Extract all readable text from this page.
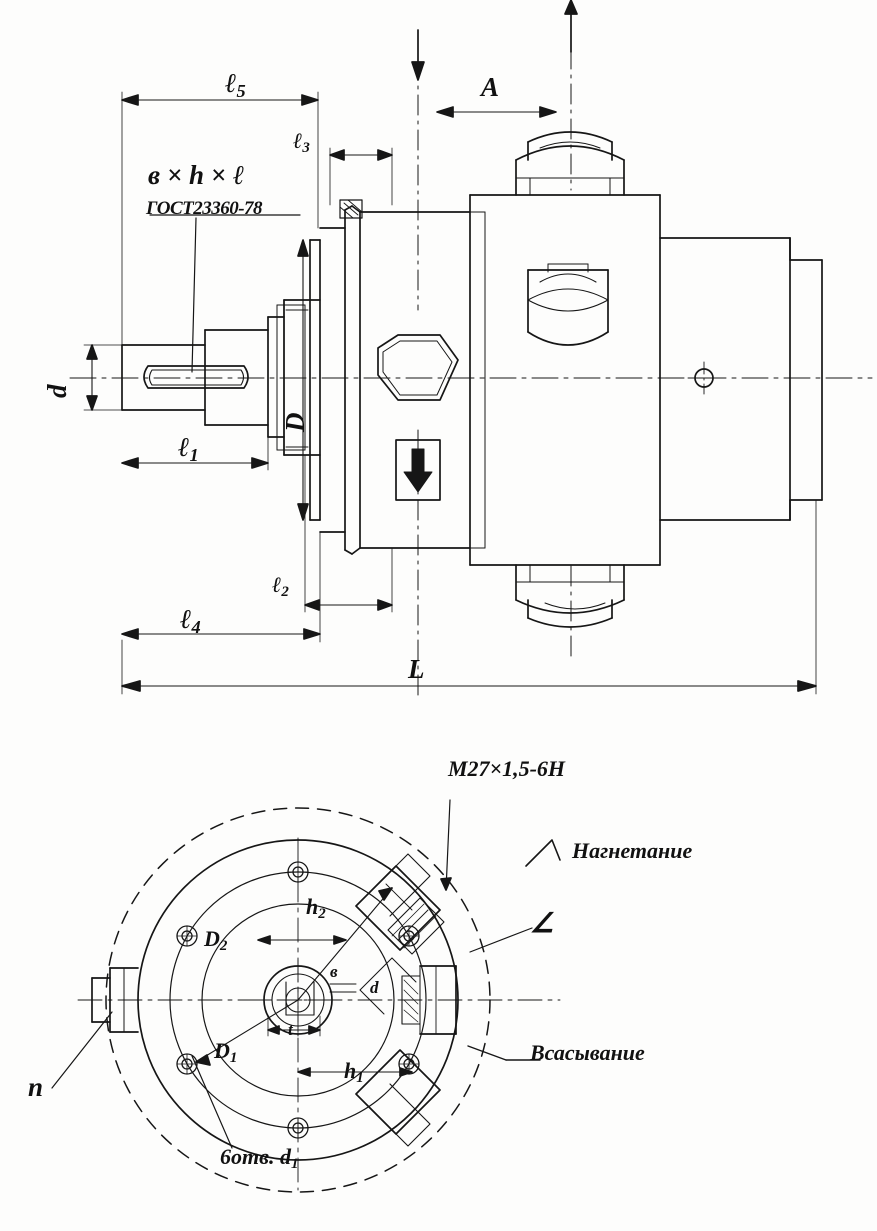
ℓ$_5$	A
ℓ$_3$
в × h × ℓ
ГОСТ23360-78
d
D
ℓ$_1$
ℓ$_2$
ℓ$_4$
L
M27×1,5-6H
Нагнетание
Всасывание
∠
n
$h_2$
$h_1$
$D_2$
$D_1$
в
t
d
6отв. $d_1$
